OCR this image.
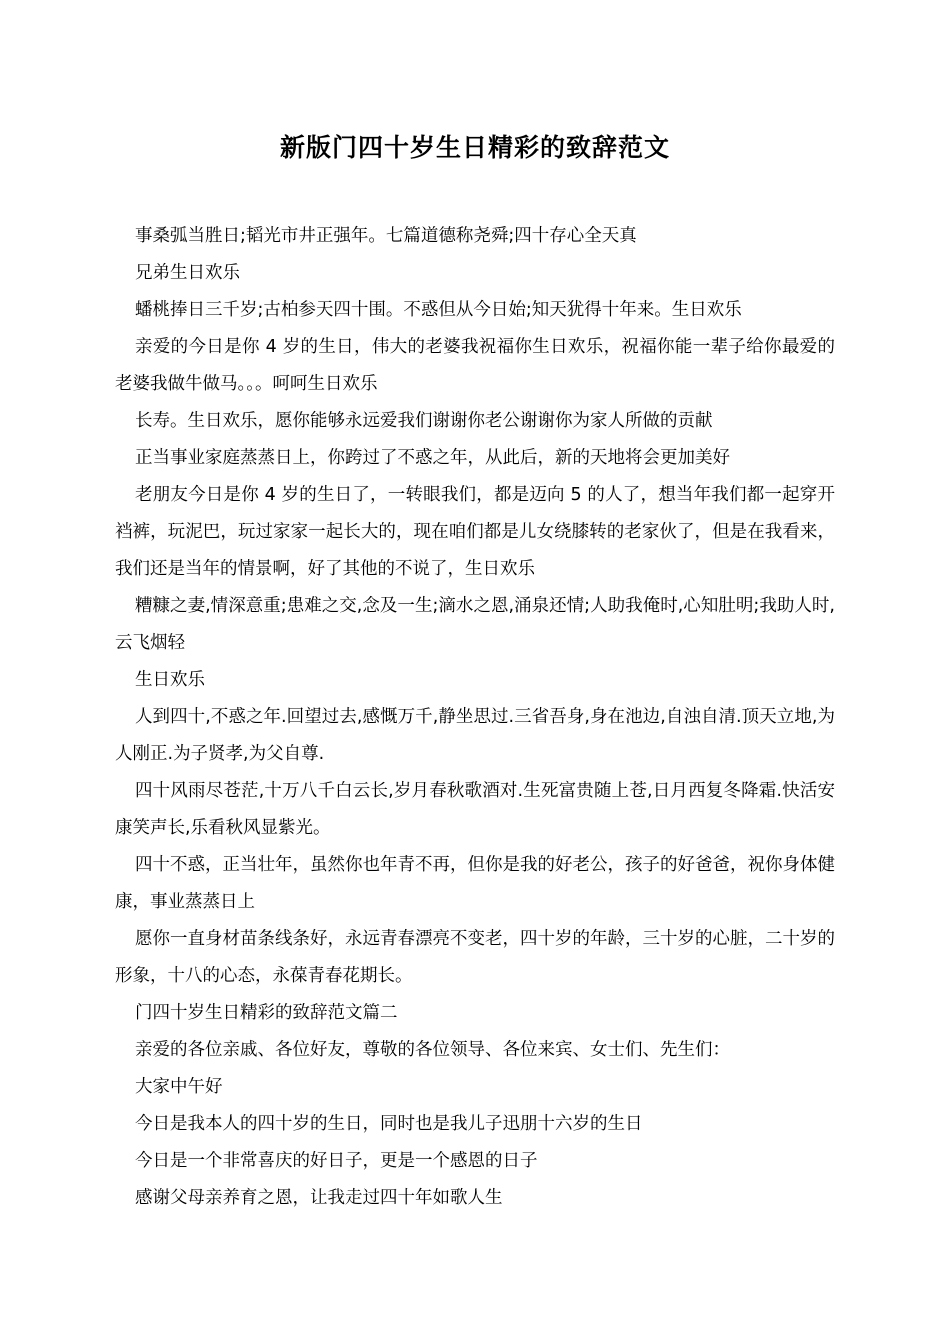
新版门四十岁生日精彩的致辞范文

事桑弧当胜日;韬光市井正强年。七篇道德称尧舜;四十存心全天真

兄弟生日欢乐

蟠桃捧日三千岁;古柏参天四十围。不惑但从今日始;知天犹得十年来。生日欢乐

亲爱的今日是你 4 岁的生日，伟大的老婆我祝福你生日欢乐，祝福你能一辈子给你最爱的老婆我做牛做马。。。呵呵生日欢乐

长寿。生日欢乐，愿你能够永远爱我们谢谢你老公谢谢你为家人所做的贡献

正当事业家庭蒸蒸日上，你跨过了不惑之年，从此后，新的天地将会更加美好

老朋友今日是你 4 岁的生日了，一转眼我们，都是迈向 5 的人了，想当年我们都一起穿开裆裤，玩泥巴，玩过家家一起长大的，现在咱们都是儿女绕膝转的老家伙了，但是在我看来，我们还是当年的情景啊，好了其他的不说了，生日欢乐

糟糠之妻,情深意重;患难之交,念及一生;滴水之恩,涌泉还情;人助我俺时,心知肚明;我助人时,云飞烟轻

生日欢乐

人到四十,不惑之年.回望过去,感慨万千,静坐思过.三省吾身,身在池边,自浊自清.顶天立地,为人刚正.为子贤孝,为父自尊.

四十风雨尽苍茫,十万八千白云长,岁月春秋歌酒对.生死富贵随上苍,日月西复冬降霜.快活安康笑声长,乐看秋风显紫光。

四十不惑，正当壮年，虽然你也年青不再，但你是我的好老公，孩子的好爸爸，祝你身体健康，事业蒸蒸日上

愿你一直身材苗条线条好，永远青春漂亮不变老，四十岁的年龄，三十岁的心脏，二十岁的形象，十八的心态，永葆青春花期长。

门四十岁生日精彩的致辞范文篇二

亲爱的各位亲戚、各位好友，尊敬的各位领导、各位来宾、女士们、先生们：

大家中午好

今日是我本人的四十岁的生日，同时也是我儿子迅朋十六岁的生日

今日是一个非常喜庆的好日子，更是一个感恩的日子

感谢父母亲养育之恩，让我走过四十年如歌人生
